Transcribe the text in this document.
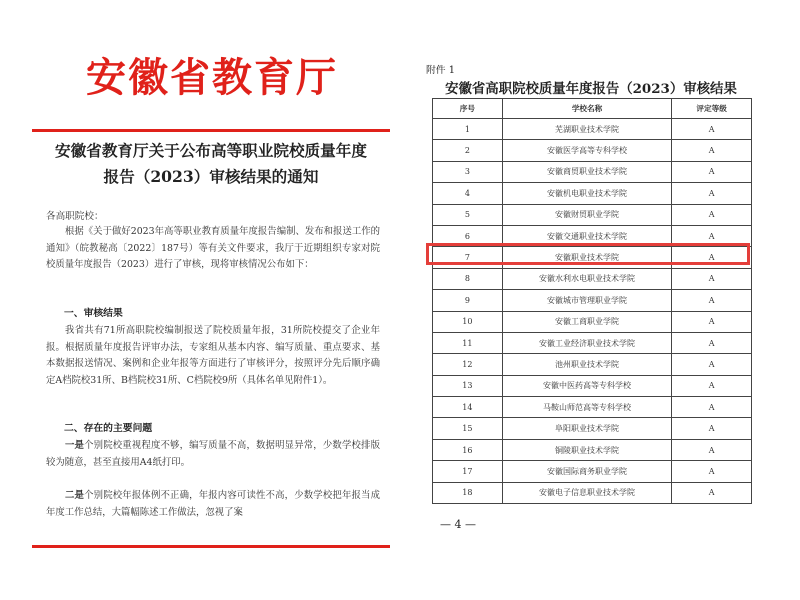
安徽省教育厅
安徽省教育厅关于公布高等职业院校质量年度
报告（2023）审核结果的通知
各高职院校：

根据《关于做好2023年高等职业教育质量年度报告编制、发布和报送工作的通知》（皖教秘高〔2022〕187号）等有关文件要求，我厅于近期组织专家对院校质量年度报告（2023）进行了审核，现将审核情况公布如下：

一、审核结果

我省共有71所高职院校编制报送了院校质量年报，31所院校提交了企业年报。根据质量年度报告评审办法，专家组从基本内容、编写质量、重点要求、基本数据报送情况、案例和企业年报等方面进行了审核评分，按照评分先后顺序确定A档院校31所、B档院校31所、C档院校9所（具体名单见附件1）。

二、存在的主要问题

一是个别院校重视程度不够，编写质量不高，数据明显异常，少数学校排版较为随意，甚至直接用A4纸打印。

二是个别院校年报体例不正确，年报内容可读性不高，少数学校把年报当成年度工作总结，大篇幅陈述工作做法，忽视了案

附件 1
安徽省高职院校质量年度报告（2023）审核结果
序号	学校名称	评定等级
1	芜湖职业技术学院	A
2	安徽医学高等专科学校	A
3	安徽商贸职业技术学院	A
4	安徽机电职业技术学院	A
5	安徽财贸职业学院	A
6	安徽交通职业技术学院	A
7	安徽职业技术学院	A
8	安徽水利水电职业技术学院	A
9	安徽城市管理职业学院	A
10	安徽工商职业学院	A
11	安徽工业经济职业技术学院	A
12	池州职业技术学院	A
13	安徽中医药高等专科学校	A
14	马鞍山师范高等专科学校	A
15	阜阳职业技术学院	A
16	铜陵职业技术学院	A
17	安徽国际商务职业学院	A
18	安徽电子信息职业技术学院	A
— 4 —
